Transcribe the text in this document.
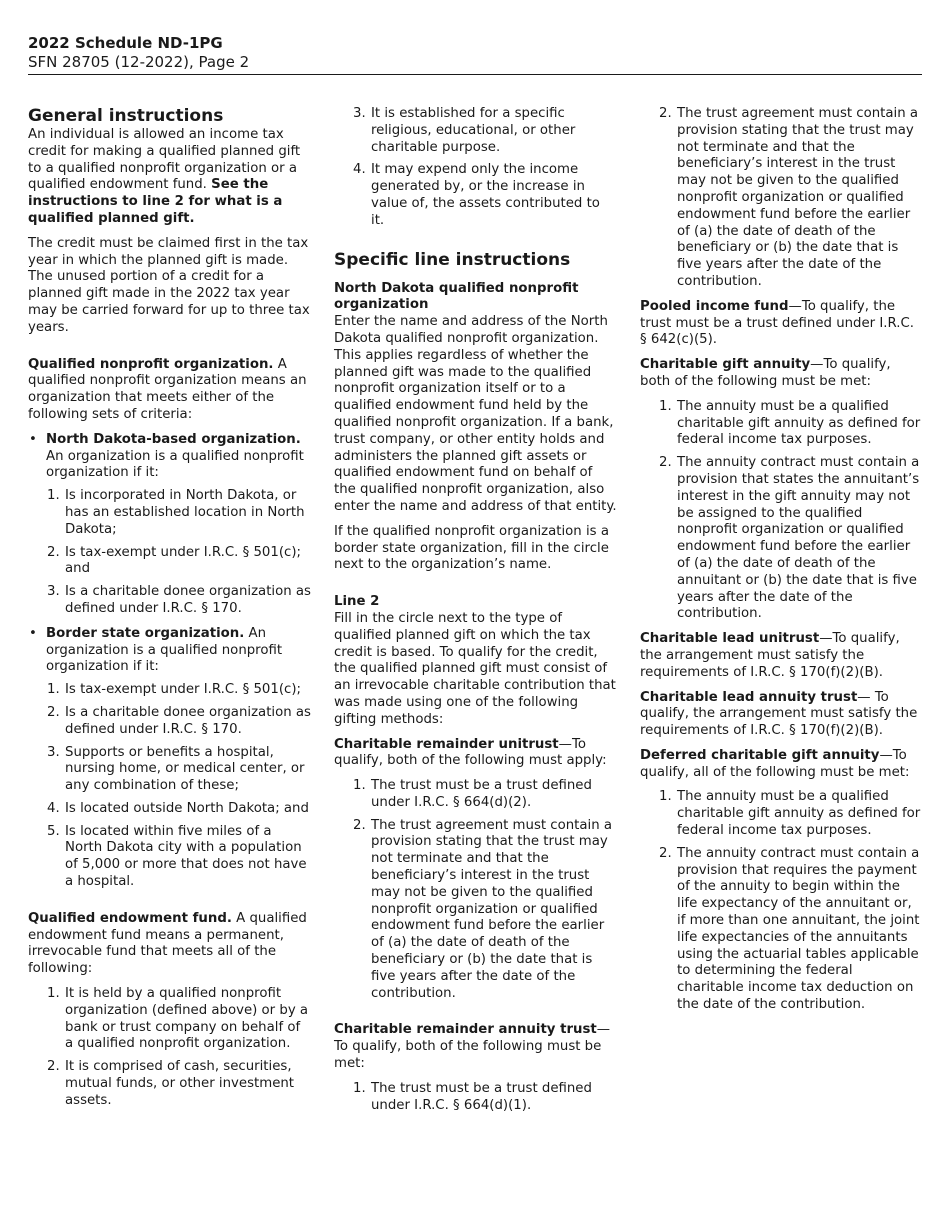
2022 Schedule ND-1PG
SFN 28705 (12-2022), Page 2
General instructions

An individual is allowed an income tax credit for making a qualified planned gift to a qualified nonprofit organization or a qualified endowment fund. See the instructions to line 2 for what is a qualified planned gift.

The credit must be claimed first in the tax year in which the planned gift is made. The unused portion of a credit for a planned gift made in the 2022 tax year may be carried forward for up to three tax years.

Qualified nonprofit organization. A qualified nonprofit organization means an organization that meets either of the following sets of criteria:

• North Dakota-based organization. An organization is a qualified nonprofit organization if it:
1. Is incorporated in North Dakota, or has an established location in North Dakota;
2. Is tax-exempt under I.R.C. § 501(c); and
3. Is a charitable donee organization as defined under I.R.C. § 170.
• Border state organization. An organization is a qualified nonprofit organization if it:
1. Is tax-exempt under I.R.C. § 501(c);
2. Is a charitable donee organization as defined under I.R.C. § 170.
3. Supports or benefits a hospital, nursing home, or medical center, or any combination of these;
4. Is located outside North Dakota; and
5. Is located within five miles of a North Dakota city with a population of 5,000 or more that does not have a hospital.

Qualified endowment fund. A qualified endowment fund means a permanent, irrevocable fund that meets all of the following:

1. It is held by a qualified nonprofit organization (defined above) or by a bank or trust company on behalf of a qualified nonprofit organization.
2. It is comprised of cash, securities, mutual funds, or other investment assets.
3. It is established for a specific religious, educational, or other charitable purpose.
4. It may expend only the income generated by, or the increase in value of, the assets contributed to it.
Specific line instructions

North Dakota qualified nonprofit organization

Enter the name and address of the North Dakota qualified nonprofit organization. This applies regardless of whether the planned gift was made to the qualified nonprofit organization itself or to a qualified endowment fund held by the qualified nonprofit organization. If a bank, trust company, or other entity holds and administers the planned gift assets or qualified endowment fund on behalf of the qualified nonprofit organization, also enter the name and address of that entity.

If the qualified nonprofit organization is a border state organization, fill in the circle next to the organization’s name.

Line 2

Fill in the circle next to the type of qualified planned gift on which the tax credit is based. To qualify for the credit, the qualified planned gift must consist of an irrevocable charitable contribution that was made using one of the following gifting methods:

Charitable remainder unitrust—To qualify, both of the following must apply:

1. The trust must be a trust defined under I.R.C. § 664(d)(2).
2. The trust agreement must contain a provision stating that the trust may not terminate and that the beneficiary’s interest in the trust may not be given to the qualified nonprofit organization or qualified endowment fund before the earlier of (a) the date of death of the beneficiary or (b) the date that is five years after the date of the contribution.

Charitable remainder annuity trust—To qualify, both of the following must be met:

1. The trust must be a trust defined under I.R.C. § 664(d)(1).
2. The trust agreement must contain a provision stating that the trust may not terminate and that the beneficiary’s interest in the trust may not be given to the qualified nonprofit organization or qualified endowment fund before the earlier of (a) the date of death of the beneficiary or (b) the date that is five years after the date of the contribution.

Pooled income fund—To qualify, the trust must be a trust defined under I.R.C. § 642(c)(5).

Charitable gift annuity—To qualify, both of the following must be met:

1. The annuity must be a qualified charitable gift annuity as defined for federal income tax purposes.
2. The annuity contract must contain a provision that states the annuitant’s interest in the gift annuity may not be assigned to the qualified nonprofit organization or qualified endowment fund before the earlier of (a) the date of death of the annuitant or (b) the date that is five years after the date of the contribution.

Charitable lead unitrust—To qualify, the arrangement must satisfy the requirements of I.R.C. § 170(f)(2)(B).

Charitable lead annuity trust— To qualify, the arrangement must satisfy the requirements of I.R.C. § 170(f)(2)(B).

Deferred charitable gift annuity—To qualify, all of the following must be met:

1. The annuity must be a qualified charitable gift annuity as defined for federal income tax purposes.
2. The annuity contract must contain a provision that requires the payment of the annuity to begin within the life expectancy of the annuitant or, if more than one annuitant, the joint life expectancies of the annuitants using the actuarial tables applicable to determining the federal charitable income tax deduction on the date of the contribution.
